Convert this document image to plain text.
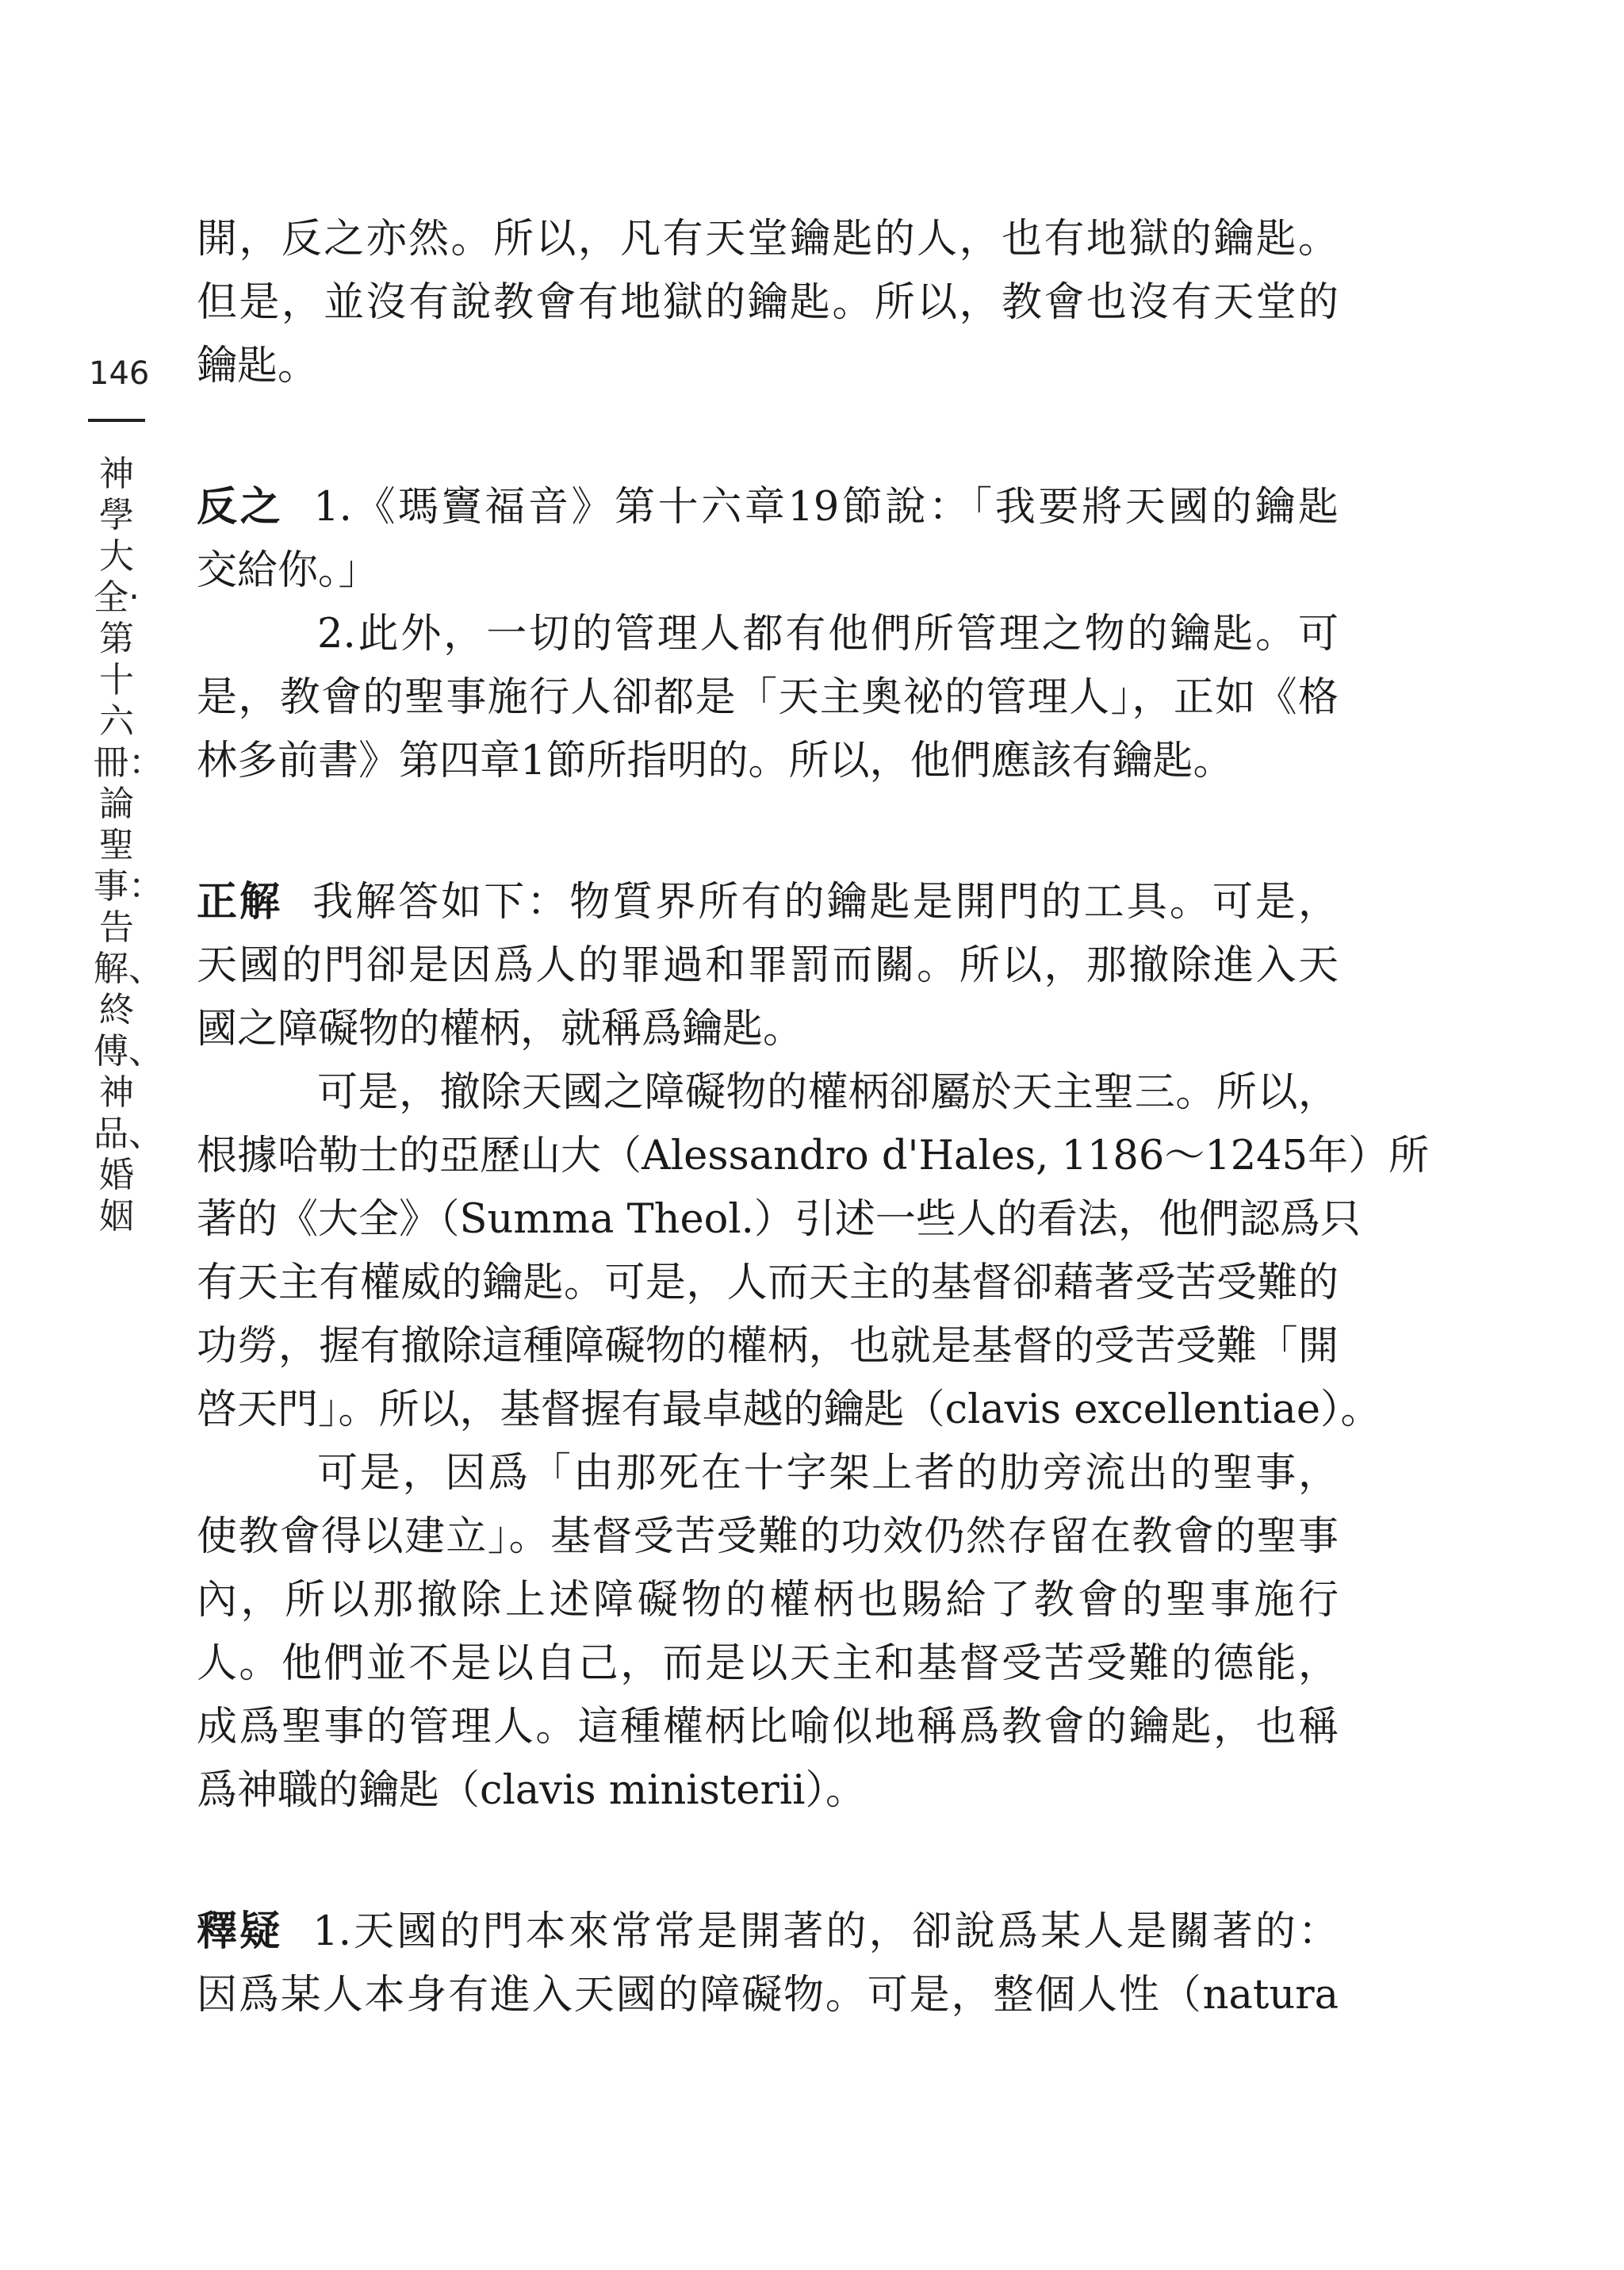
146
神學大全‧第十六冊：論聖事：告解、終傅、神品、婚姻
開，反之亦然。所以，凡有天堂鑰匙的人，也有地獄的鑰匙。
但是，並沒有說教會有地獄的鑰匙。所以，教會也沒有天堂的
鑰匙。
反之 1.《瑪竇福音》第十六章19節說：「我要將天國的鑰匙
交給你。」
2.此外，一切的管理人都有他們所管理之物的鑰匙。可
是，教會的聖事施行人卻都是「天主奧祕的管理人」，正如《格
林多前書》第四章1節所指明的。所以，他們應該有鑰匙。
正解 我解答如下：物質界所有的鑰匙是開門的工具。可是，
天國的門卻是因爲人的罪過和罪罰而關。所以，那撤除進入天
國之障礙物的權柄，就稱爲鑰匙。
可是，撤除天國之障礙物的權柄卻屬於天主聖三。所以，
根據哈勒士的亞歷山大（Alessandro d'Hales, 1186～1245年）所
著的《大全》（Summa Theol.）引述一些人的看法，他們認爲只
有天主有權威的鑰匙。可是，人而天主的基督卻藉著受苦受難的
功勞，握有撤除這種障礙物的權柄，也就是基督的受苦受難「開
啓天門」。所以，基督握有最卓越的鑰匙（clavis excellentiae）。
可是，因爲「由那死在十字架上者的肋旁流出的聖事，
使教會得以建立」。基督受苦受難的功效仍然存留在教會的聖事
內，所以那撤除上述障礙物的權柄也賜給了教會的聖事施行
人。他們並不是以自己，而是以天主和基督受苦受難的德能，
成爲聖事的管理人。這種權柄比喻似地稱爲教會的鑰匙，也稱
爲神職的鑰匙（clavis ministerii）。
釋疑 1.天國的門本來常常是開著的，卻說爲某人是關著的：
因爲某人本身有進入天國的障礙物。可是，整個人性（natura
